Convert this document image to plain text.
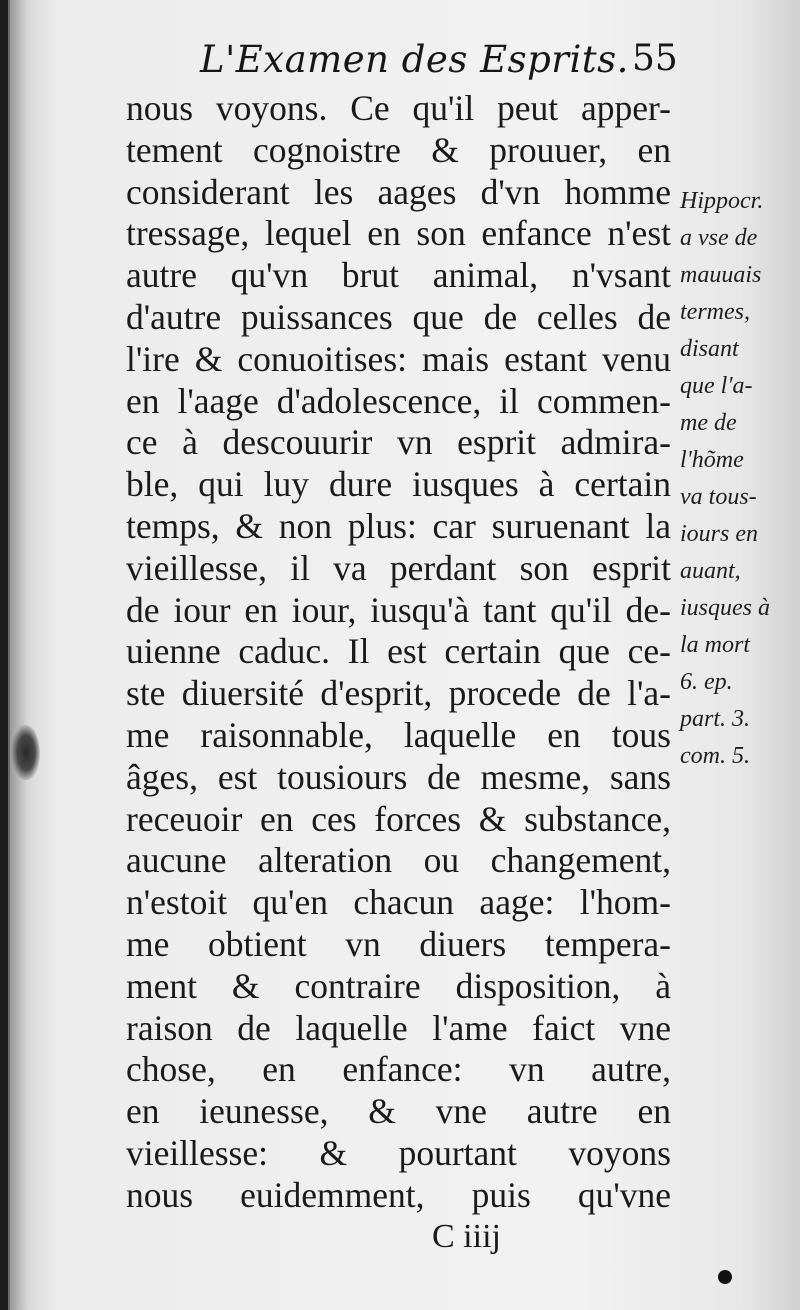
L'Examen des Esprits. 55
nous voyons. Ce qu'il peut apper-
tement cognoistre & prouuer, en
considerant les aages d'vn homme
tressage, lequel en son enfance n'est
autre qu'vn brut animal, n'vsant
d'autre puissances que de celles de
l'ire & conuoitises: mais estant venu
en l'aage d'adolescence, il commen-
ce à descouurir vn esprit admira-
ble, qui luy dure iusques à certain
temps, & non plus: car suruenant la
vieillesse, il va perdant son esprit
de iour en iour, iusqu'à tant qu'il de-
uienne caduc. Il est certain que ce-
ste diuersité d'esprit, procede de l'a-
me raisonnable, laquelle en tous
âges, est tousiours de mesme, sans
receuoir en ces forces & substance,
aucune alteration ou changement,
n'estoit qu'en chacun aage: l'hom-
me obtient vn diuers tempera-
ment & contraire disposition, à
raison de laquelle l'ame faict vne
chose, en enfance: vn autre,
en ieunesse, & vne autre en
vieillesse: & pourtant voyons
nous euidemment, puis qu'vne
Hippocr.
a vse de
mauuais
termes,
disant
que l'a-
me de
l'hõme
va tous-
iours en
auant,
iusques à
la mort
6. ep.
part. 3.
com. 5.
C iiij
